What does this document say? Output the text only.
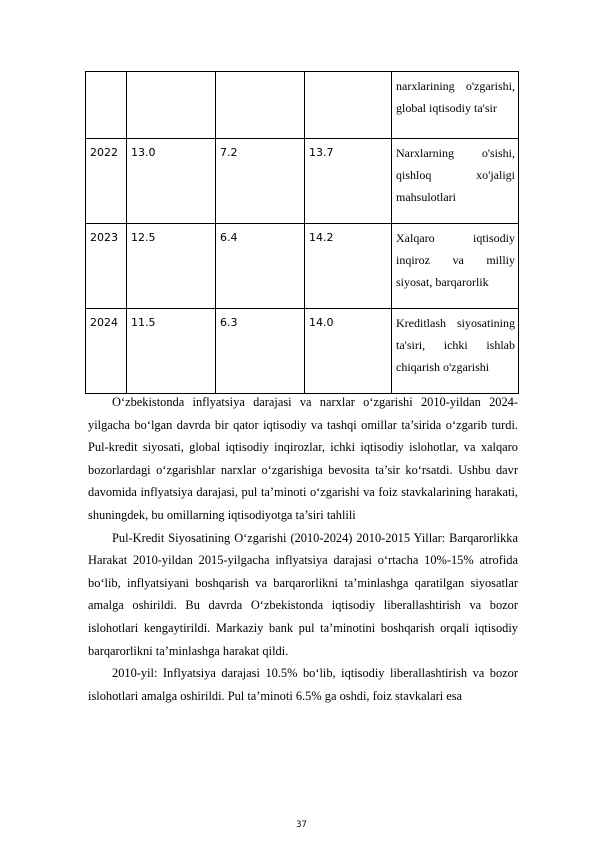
				narxlarining o'zgarishi, global iqtisodiy ta'sir
2022	13.0	7.2	13.7	Narxlarning o'sishi, qishloq xo'jaligi mahsulotlari
2023	12.5	6.4	14.2	Xalqaro iqtisodiy inqiroz va milliy siyosat, barqarorlik
2024	11.5	6.3	14.0	Kreditlash siyosatining ta'siri, ichki ishlab chiqarish o'zgarishi

O‘zbekistonda inflyatsiya darajasi va narxlar o‘zgarishi 2010-yildan 2024-yilgacha bo‘lgan davrda bir qator iqtisodiy va tashqi omillar ta’sirida o‘zgarib turdi. Pul-kredit siyosati, global iqtisodiy inqirozlar, ichki iqtisodiy islohotlar, va xalqaro bozorlardagi o‘zgarishlar narxlar o‘zgarishiga bevosita ta’sir ko‘rsatdi. Ushbu davr davomida inflyatsiya darajasi, pul ta’minoti o‘zgarishi va foiz stavkalarining harakati, shuningdek, bu omillarning iqtisodiyotga ta’siri tahlili

Pul-Kredit Siyosatining O‘zgarishi (2010-2024) 2010-2015 Yillar: Barqarorlikka Harakat 2010-yildan 2015-yilgacha inflyatsiya darajasi o‘rtacha 10%-15% atrofida bo‘lib, inflyatsiyani boshqarish va barqarorlikni ta’minlashga qaratilgan siyosatlar amalga oshirildi. Bu davrda O‘zbekistonda iqtisodiy liberallashtirish va bozor islohotlari kengaytirildi. Markaziy bank pul ta’minotini boshqarish orqali iqtisodiy barqarorlikni ta’minlashga harakat qildi.

2010-yil: Inflyatsiya darajasi 10.5% bo‘lib, iqtisodiy liberallashtirish va bozor islohotlari amalga oshirildi. Pul ta’minoti 6.5% ga oshdi, foiz stavkalari esa

37
